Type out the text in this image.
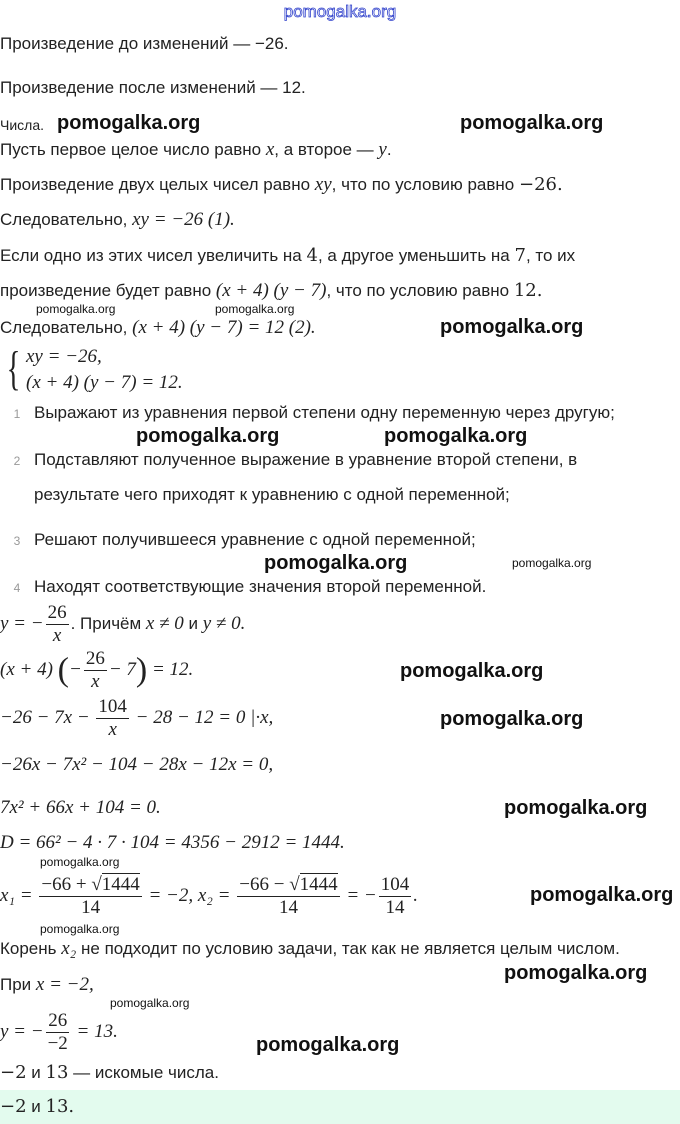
pomogalka.org
Произведение до изменений — −26.
Произведение после изменений — 12.
Числа.
Пусть первое целое число равно x, а второе — y.
Произведение двух целых чисел равно xy, что по условию равно −26.
Следовательно, xy = −26 (1).
Если одно из этих чисел увеличить на 4, а другое уменьшить на 7, то их
произведение будет равно (x + 4) (y − 7), что по условию равно 12.
Следовательно, (x + 4) (y − 7) = 12 (2).
{ xy = −26,
(x + 4) (y − 7) = 12.
1 Выражают из уравнения первой степени одну переменную через другую;
2 Подставляют полученное выражение в уравнение второй степени, в
результате чего приходят к уравнению с одной переменной;
3 Решают получившееся уравнение с одной переменной;
4 Находят соответствующие значения второй переменной.
y = − $\frac{26}{x}$ . Причём x ≠ 0 и y ≠ 0.
(x + 4) (− $\frac{26}{x} - 7) = 12$.
$-26 - 7x - \frac{104}{x} - 28 - 12 = 0$ |·x,
−26x − 7x² − 104 − 28x − 12x = 0,
7x² + 66x + 104 = 0.
D = 66² − 4 · 7 · 104 = 4356 − 2912 = 1444.
$x_1 = \frac{-66 + √1444}{14} = -2$, $x_2 = \frac{-66 - √1444}{14}$ = − $\frac{104}{14}$ .
Корень x₂ не подходит по условию задачи, так как не является целым числом.
При x = −2,
y = − $\frac{26}{-2} = 13$.
−2 и 13 — искомые числа.
−2 и 13.
pomogalka.org	pomogalka.org
pomogalka.org
pomogalka.org
pomogalka.org
pomogalka.org	pomogalka.org
pomogalka.org	pomogalka.org
pomogalka.org
pomogalka.org
pomogalka.org
pomogalka.org
pomogalka.org
pomogalka.org
pomogalka.org
pomogalka.org
pomogalka.org
